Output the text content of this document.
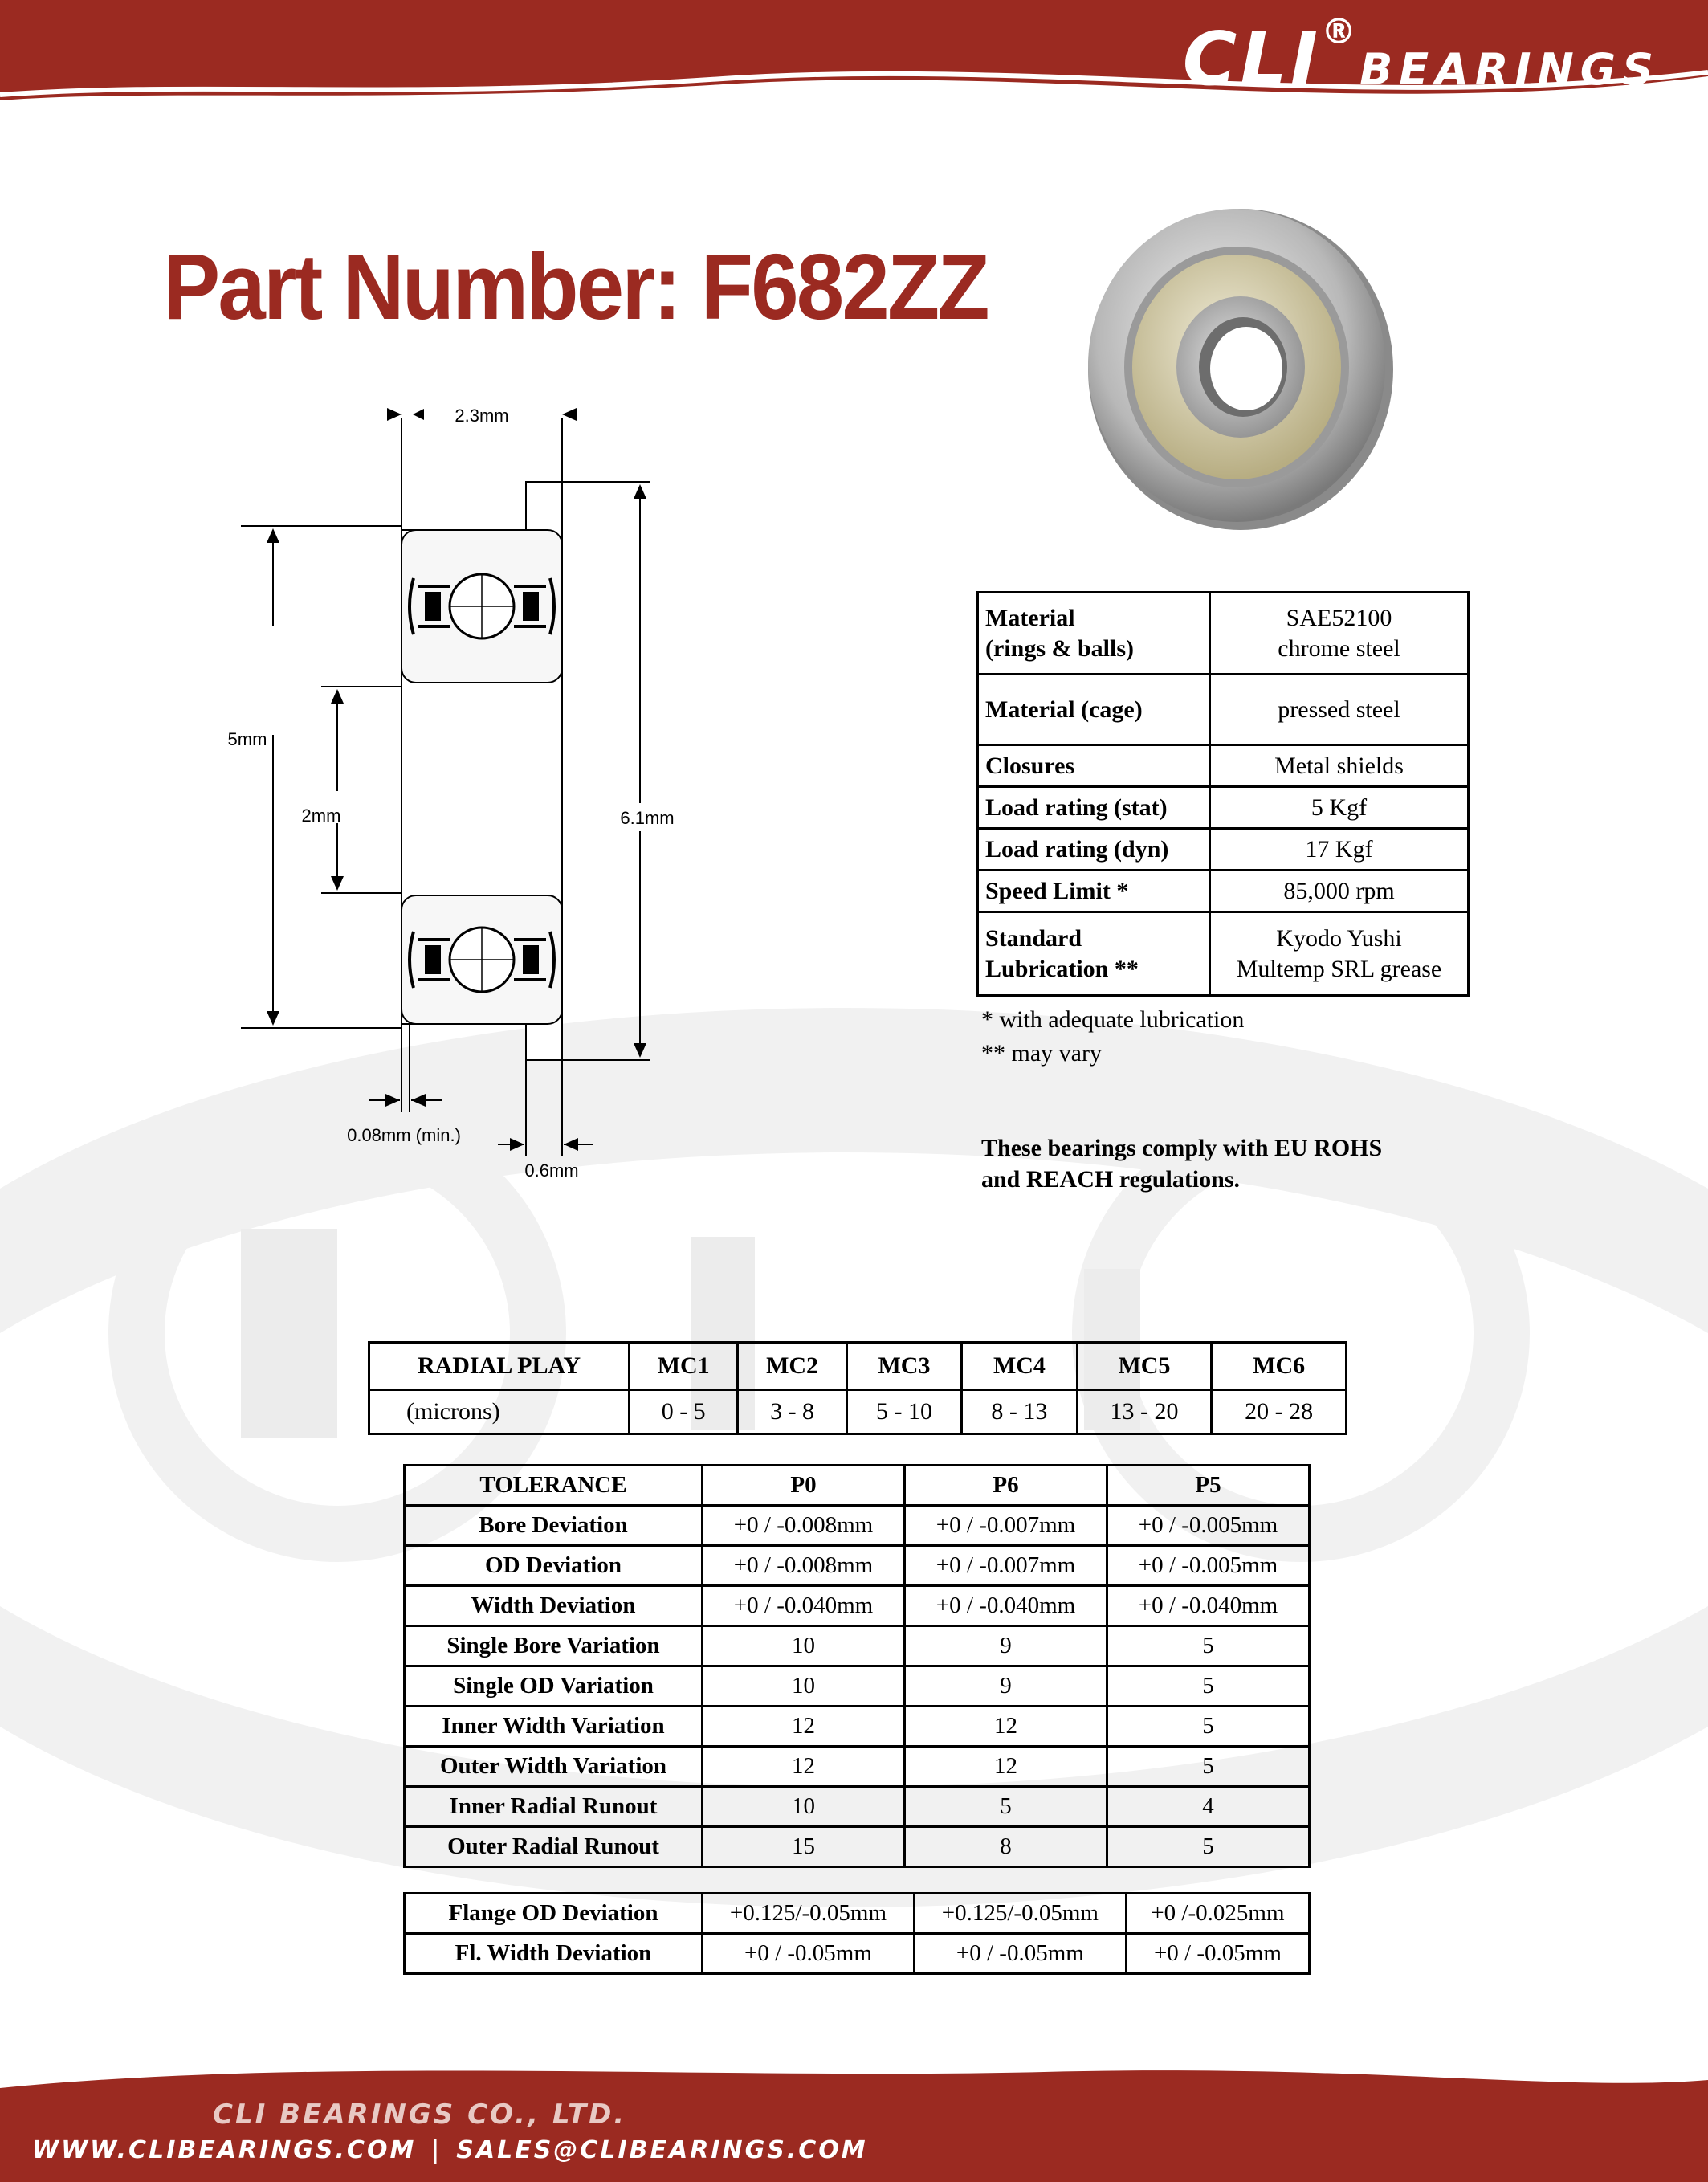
CLI®BEARINGS
Part Number: F682ZZ
2.3mm
5mm
2mm	6.1mm
0.08mm (min.)
0.6mm
Material
(rings & balls)	SAE52100
chrome steel
Material (cage)	pressed steel
Closures	Metal shields
Load rating (stat)	5 Kgf
Load rating (dyn)	17 Kgf
Speed Limit *	85,000 rpm
Standard
Lubrication **	Kyodo Yushi
Multemp SRL grease
* with adequate lubrication
** may vary
These bearings comply with EU ROHS
and REACH regulations.
RADIAL PLAY	MC1	MC2	MC3	MC4	MC5	MC6
(microns)	0 - 5	3 - 8	5 - 10	8 - 13	13 - 20	20 - 28
TOLERANCE	P0	P6	P5
Bore Deviation	+0 / -0.008mm	+0 / -0.007mm	+0 / -0.005mm
OD Deviation	+0 / -0.008mm	+0 / -0.007mm	+0 / -0.005mm
Width Deviation	+0 / -0.040mm	+0 / -0.040mm	+0 / -0.040mm
Single Bore Variation	10	9	5
Single OD Variation	10	9	5
Inner Width Variation	12	12	5
Outer Width Variation	12	12	5
Inner Radial Runout	10	5	4
Outer Radial Runout	15	8	5
Flange OD Deviation	+0.125/-0.05mm	+0.125/-0.05mm	+0 /-0.025mm
Fl. Width Deviation	+0 / -0.05mm	+0 / -0.05mm	+0 / -0.05mm
CLI BEARINGS CO., LTD.
WWW.CLIBEARINGS.COM | SALES@CLIBEARINGS.COM
